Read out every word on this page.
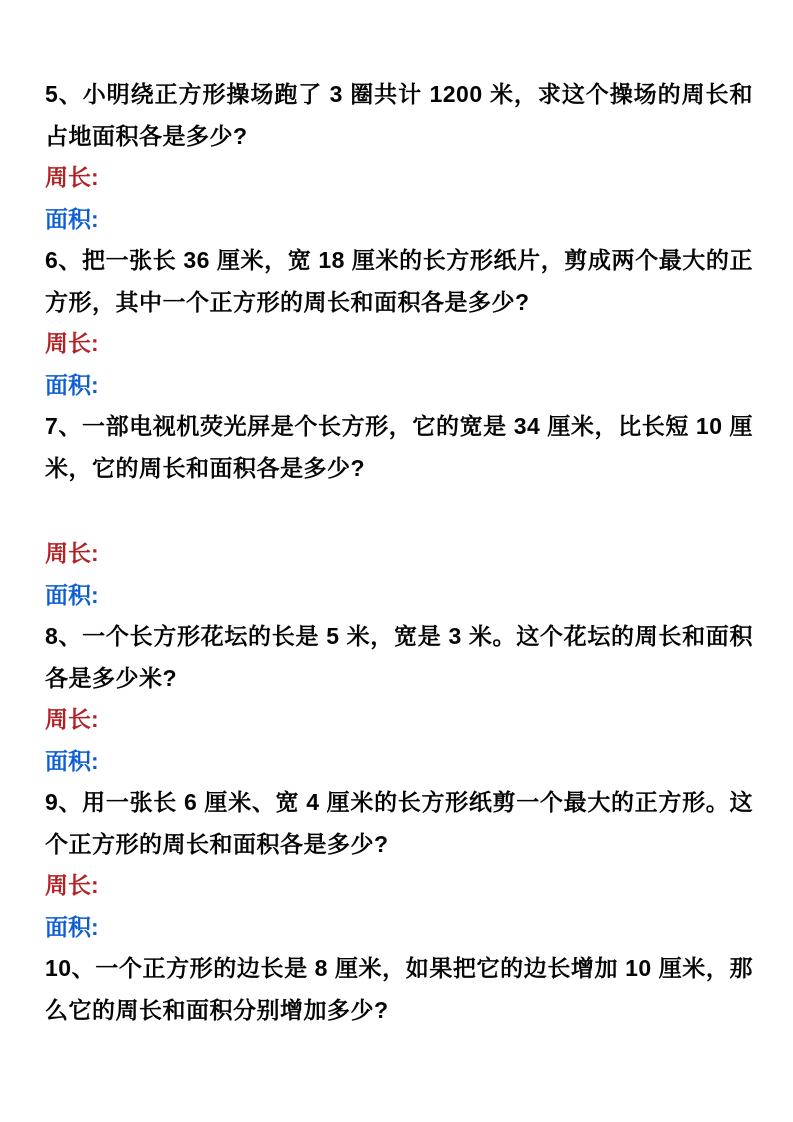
5、小明绕正方形操场跑了 3 圈共计 1200 米，求这个操场的周长和占地面积各是多少?

周长:

面积:

6、把一张长 36 厘米，宽 18 厘米的长方形纸片，剪成两个最大的正方形，其中一个正方形的周长和面积各是多少?

周长:

面积:

7、一部电视机荧光屏是个长方形，它的宽是 34 厘米，比长短 10 厘米，它的周长和面积各是多少?

周长:

面积:

8、一个长方形花坛的长是 5 米，宽是 3 米。这个花坛的周长和面积各是多少米?

周长:

面积:

9、用一张长 6 厘米、宽 4 厘米的长方形纸剪一个最大的正方形。这个正方形的周长和面积各是多少?

周长:

面积:

10、一个正方形的边长是 8 厘米，如果把它的边长增加 10 厘米，那么它的周长和面积分别增加多少?
